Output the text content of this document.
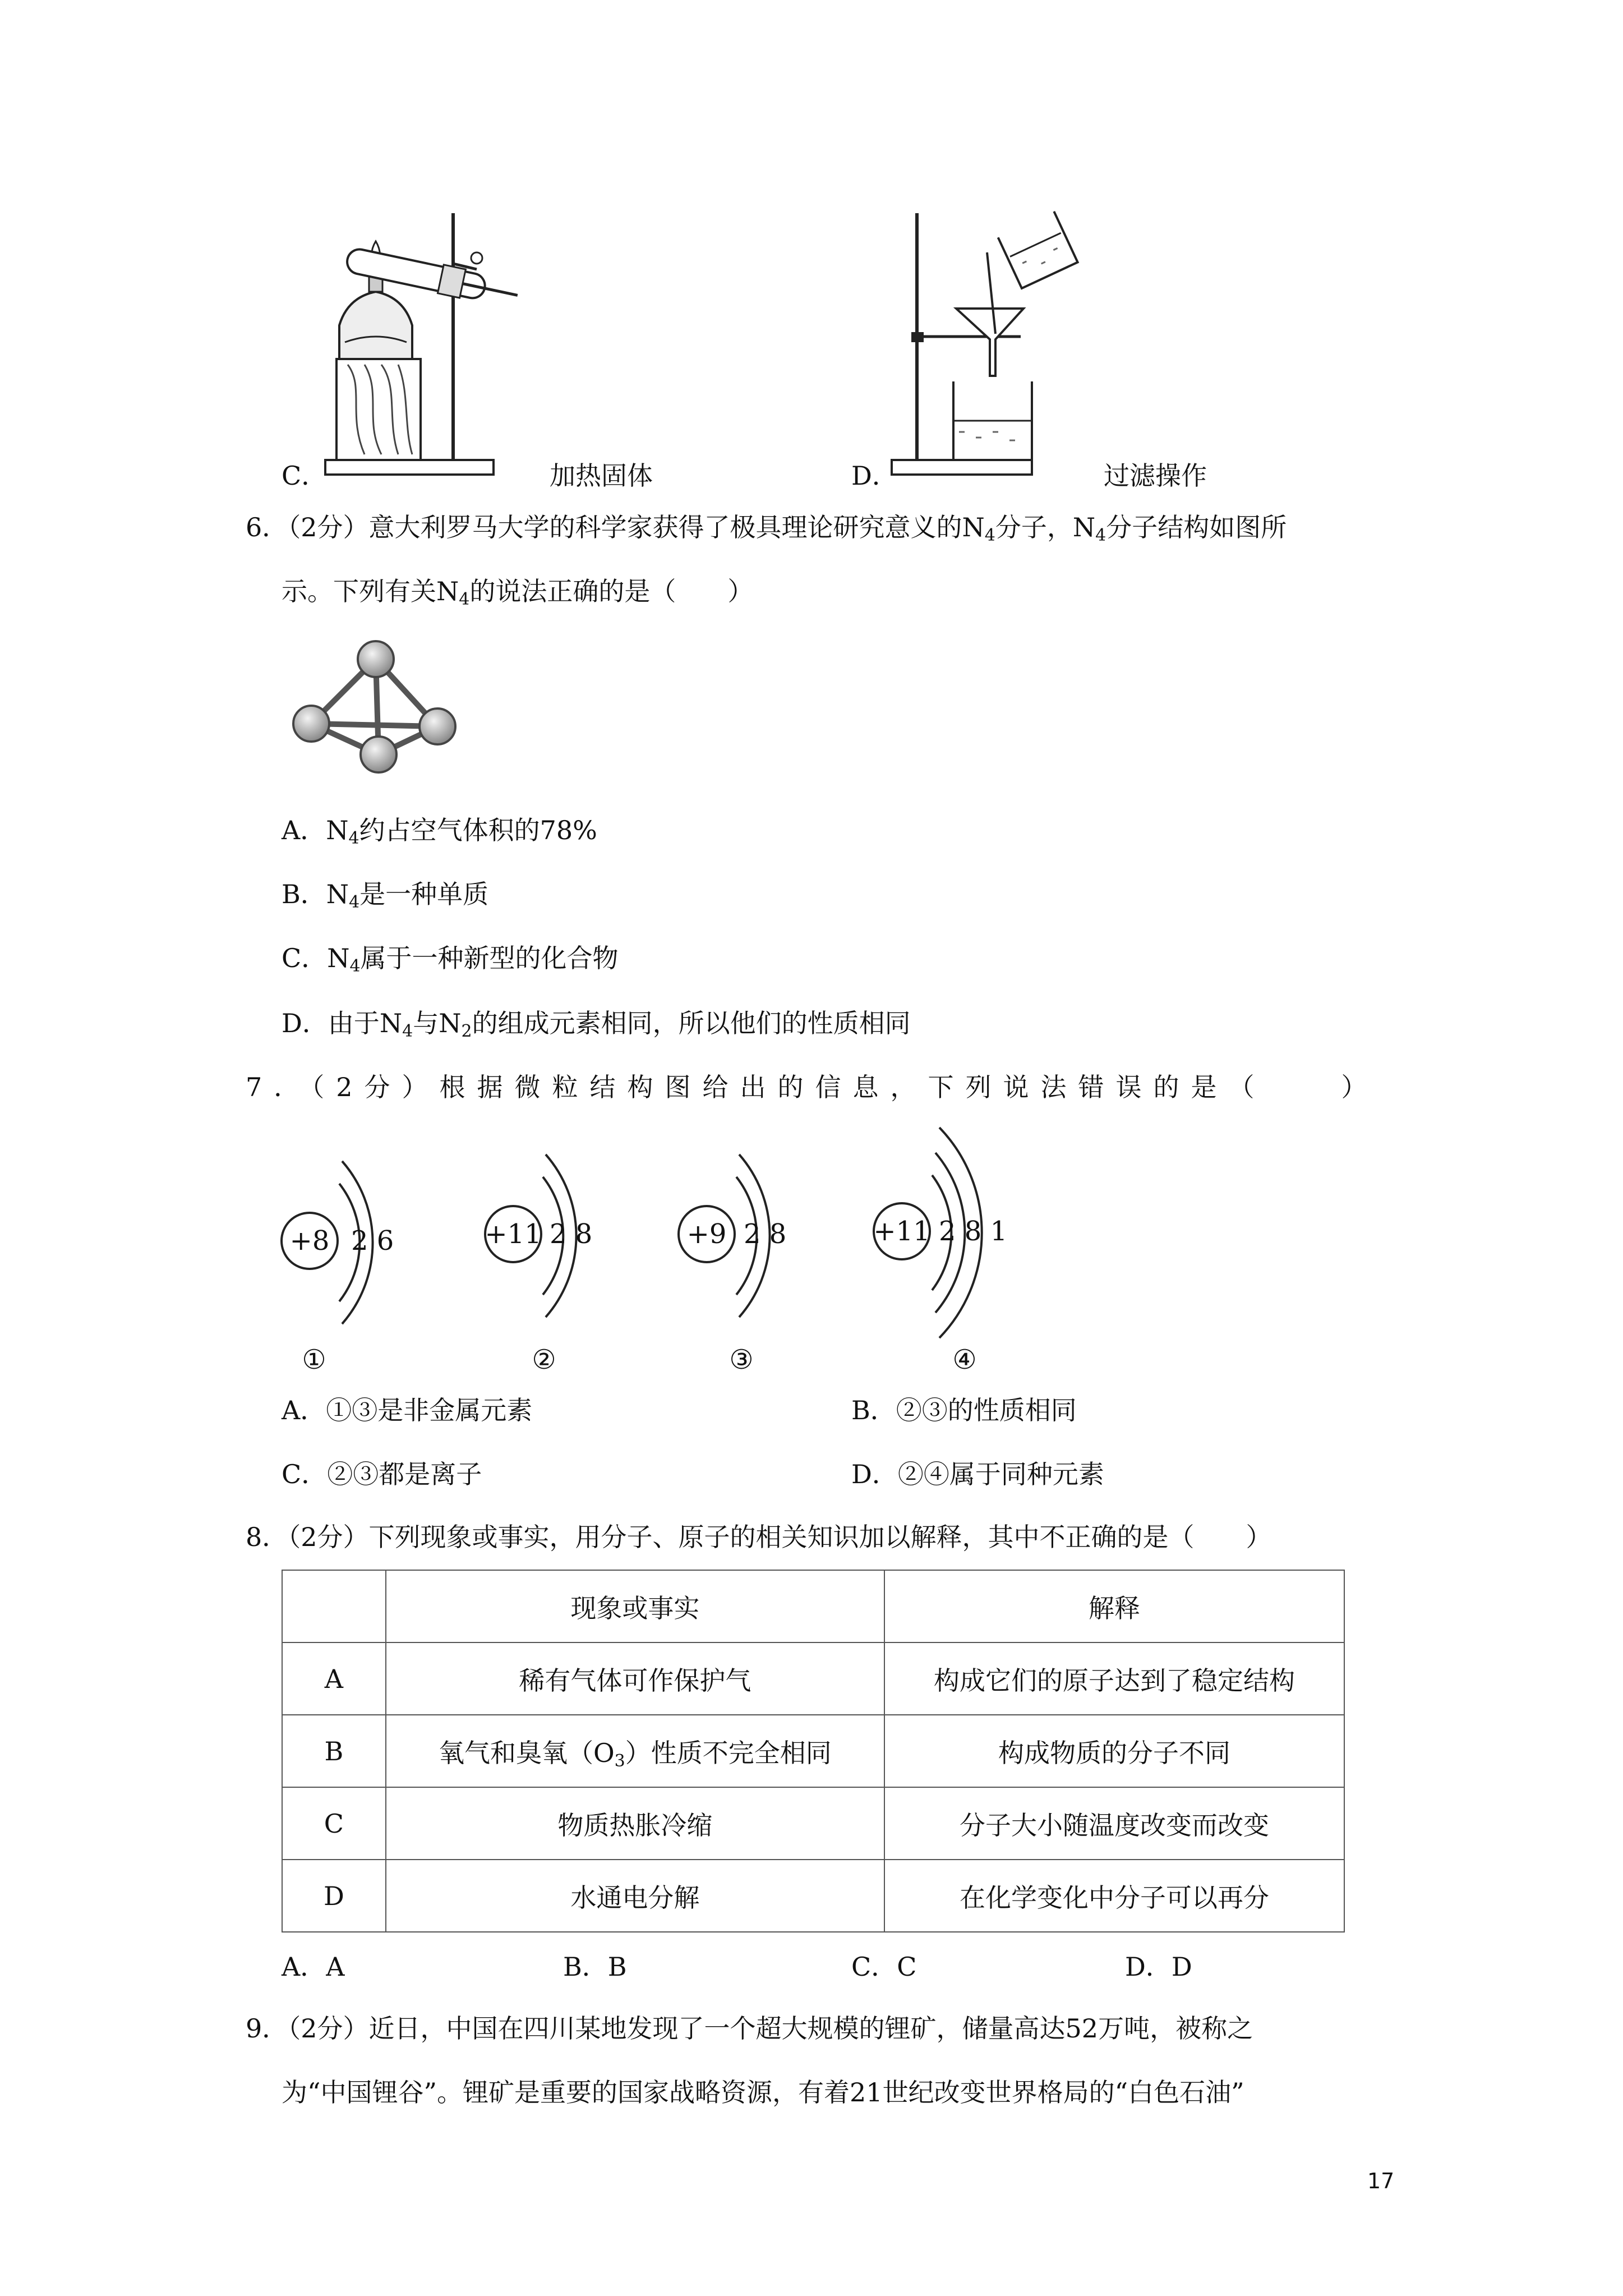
C．	加热固体	D．	过滤操作
6．（2分）意大利罗马大学的科学家获得了极具理论研究意义的$N_4$分子，$N_4$分子结构如图所
示。下列有关$N_4$的说法正确的是（　　）
A．$N_4$约占空气体积的78%
B．$N_4$是一种单质
C．$N_4$属于一种新型的化合物
D．由于$N_4$与$N_2$的组成元素相同，所以他们的性质相同
7．（2分）根据微粒结构图给出的信息，下列说法错误的是（　　）
+8 2 6
①
+11 2 8
②
+9 2 8
③
+11 2 8 1
④
A．①③是非金属元素	B．②③的性质相同
C．②③都是离子	D．②④属于同种元素
8．（2分）下列现象或事实，用分子、原子的相关知识加以解释，其中不正确的是（　　）
	现象或事实	解释
A	稀有气体可作保护气	构成它们的原子达到了稳定结构
B	氧气和臭氧$(O_3)$性质不完全相同	构成物质的分子不同
C	物质热胀冷缩	分子大小随温度改变而改变
D	水通电分解	在化学变化中分子可以再分
A．A	B．B	C．C	D．D
9．（2分）近日，中国在四川某地发现了一个超大规模的锂矿，储量高达52万吨，被称之
为“中国锂谷”。锂矿是重要的国家战略资源，有着21世纪改变世界格局的“白色石油”
17
